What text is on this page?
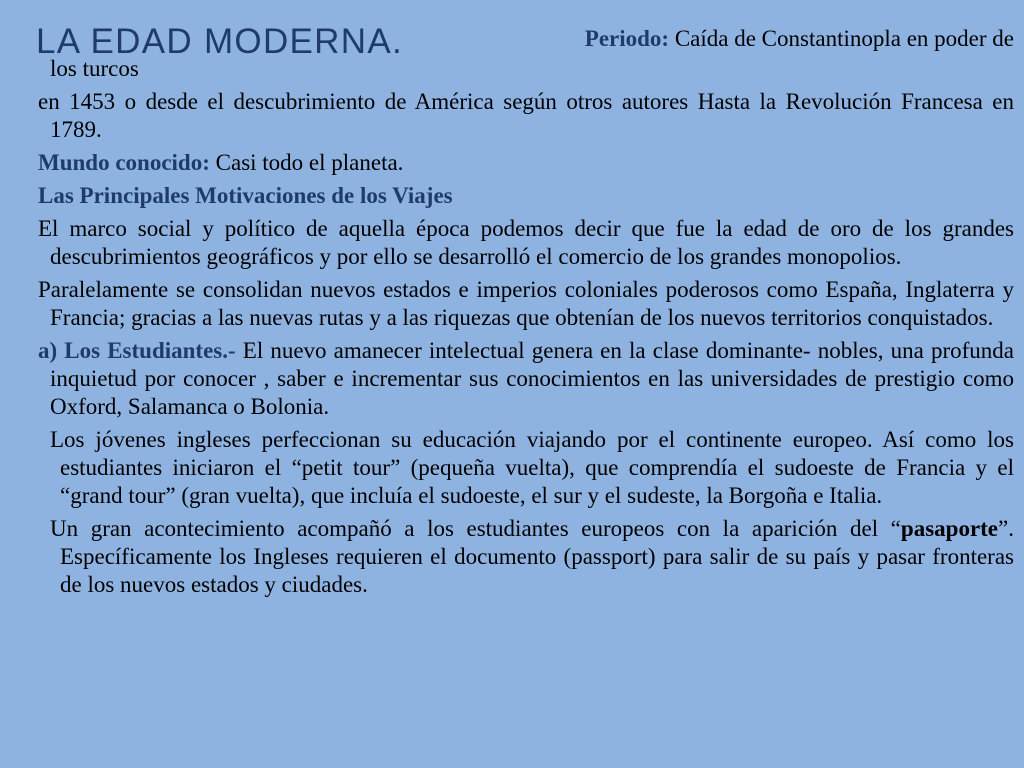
LA EDAD MODERNA.	Periodo: Caída de Constantinopla en poder de
los turcos

en 1453 o desde el descubrimiento de América según otros autores Hasta la Revolución Francesa en 1789.

Mundo conocido: Casi todo el planeta.

Las Principales Motivaciones de los Viajes

El marco social y político de aquella época podemos decir que fue la edad de oro de los grandes descubrimientos geográficos y por ello se desarrolló el comercio de los grandes monopolios.

Paralelamente se consolidan nuevos estados e imperios coloniales poderosos como España, Inglaterra y Francia; gracias a las nuevas rutas y a las riquezas que obtenían de los nuevos territorios conquistados.

a) Los Estudiantes.- El nuevo amanecer intelectual genera en la clase dominante- nobles, una profunda inquietud por conocer , saber e incrementar sus conocimientos en las universidades de prestigio como Oxford, Salamanca o Bolonia.

Los jóvenes ingleses perfeccionan su educación viajando por el continente europeo. Así como los estudiantes iniciaron el “petit tour” (pequeña vuelta), que comprendía el sudoeste de Francia y el “grand tour” (gran vuelta), que incluía el sudoeste, el sur y el sudeste, la Borgoña e Italia.

Un gran acontecimiento acompañó a los estudiantes europeos con la aparición del “pasaporte”. Específicamente los Ingleses requieren el documento (passport) para salir de su país y pasar fronteras de los nuevos estados y ciudades.
